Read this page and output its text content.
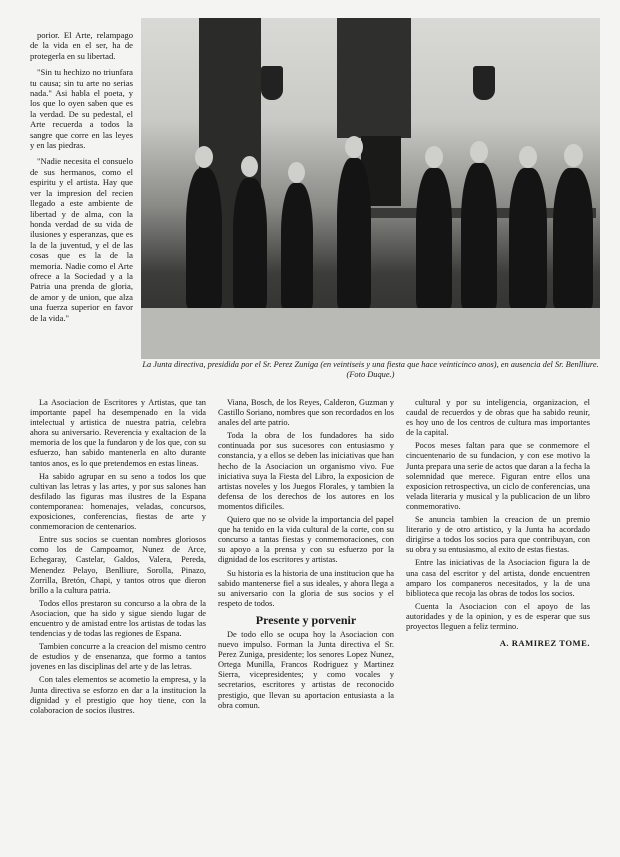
porior. El Arte, relampago de la vida en el ser, ha de protegerla en su libertad.

"Sin tu hechizo no triunfara tu causa; sin tu arte no serias nada." Asi habla el poeta, y los que lo oyen saben que es la verdad. De su pedestal, el Arte recuerda a todos la sangre que corre en las leyes y en las piedras.

"Nadie necesita el consuelo de sus hermanos, como el espiritu y el artista. Hay que ver la impresion del recien llegado a este ambiente de libertad y de alma, con la honda verdad de su vida de ilusiones y esperanzas, que es la de la juventud, y el de las cosas que es la de la memoria. Nadie como el Arte ofrece a la Sociedad y a la Patria una prenda de gloria, de amor y de union, que alza una fuerza superior en favor de la vida."

La Junta directiva, presidida por el Sr. Perez Zuniga (en veintiseis y una fiesta que hace veinticinco anos), en ausencia del Sr. Benlliure. (Foto Duque.)

La Asociacion de Escritores y Artistas, que tan importante papel ha desempenado en la vida intelectual y artistica de nuestra patria, celebra ahora su aniversario. Reverencia y exaltacion de la memoria de los que la fundaron y de los que, con su esfuerzo, han sabido mantenerla en alto durante tantos anos, es lo que pretendemos en estas lineas.

Ha sabido agrupar en su seno a todos los que cultivan las letras y las artes, y por sus salones han desfilado las figuras mas ilustres de la Espana contemporanea: homenajes, veladas, concursos, exposiciones, conferencias, fiestas de arte y conmemoracion de centenarios.

Entre sus socios se cuentan nombres gloriosos como los de Campoamor, Nunez de Arce, Echegaray, Castelar, Galdos, Valera, Pereda, Menendez Pelayo, Benlliure, Sorolla, Pinazo, Zorrilla, Bretón, Chapi, y tantos otros que dieron brillo a la cultura patria.

Todos ellos prestaron su concurso a la obra de la Asociacion, que ha sido y sigue siendo lugar de encuentro y de amistad entre los artistas de todas las tendencias y de todas las regiones de Espana.

Tambien concurre a la creacion del mismo centro de estudios y de ensenanza, que formo a tantos jovenes en las disciplinas del arte y de las letras.

Con tales elementos se acometio la empresa, y la Junta directiva se esforzo en dar a la institucion la dignidad y el prestigio que hoy tiene, con la colaboracion de socios ilustres.

Viana, Bosch, de los Reyes, Calderon, Guzman y Castillo Soriano, nombres que son recordados en los anales del arte patrio.

Toda la obra de los fundadores ha sido continuada por sus sucesores con entusiasmo y constancia, y a ellos se deben las iniciativas que han hecho de la Asociacion un organismo vivo. Fue iniciativa suya la Fiesta del Libro, la exposicion de artistas noveles y los Juegos Florales, y tambien la defensa de los derechos de los autores en los momentos dificiles.

Quiero que no se olvide la importancia del papel que ha tenido en la vida cultural de la corte, con su concurso a tantas fiestas y conmemoraciones, con su apoyo a la prensa y con su esfuerzo por la dignidad de los escritores y artistas.

Su historia es la historia de una institucion que ha sabido mantenerse fiel a sus ideales, y ahora llega a su aniversario con la gloria de sus socios y el respeto de todos.

Presente y porvenir

De todo ello se ocupa hoy la Asociacion con nuevo impulso. Forman la Junta directiva el Sr. Perez Zuniga, presidente; los senores Lopez Nunez, Ortega Munilla, Francos Rodriguez y Martinez Sierra, vicepresidentes; y como vocales y secretarios, escritores y artistas de reconocido prestigio, que llevan su aportacion entusiasta a la obra comun.

cultural y por su inteligencia, organizacion, el caudal de recuerdos y de obras que ha sabido reunir, es hoy uno de los centros de cultura mas importantes de la capital.

Pocos meses faltan para que se conmemore el cincuentenario de su fundacion, y con ese motivo la Junta prepara una serie de actos que daran a la fecha la solemnidad que merece. Figuran entre ellos una exposicion retrospectiva, un ciclo de conferencias, una velada literaria y musical y la publicacion de un libro conmemorativo.

Se anuncia tambien la creacion de un premio literario y de otro artistico, y la Junta ha acordado dirigirse a todos los socios para que contribuyan, con su obra y su entusiasmo, al exito de estas fiestas.

Entre las iniciativas de la Asociacion figura la de una casa del escritor y del artista, donde encuentren amparo los companeros necesitados, y la de una biblioteca que recoja las obras de todos los socios.

Cuenta la Asociacion con el apoyo de las autoridades y de la opinion, y es de esperar que sus proyectos lleguen a feliz termino.

A. RAMIREZ TOME.
